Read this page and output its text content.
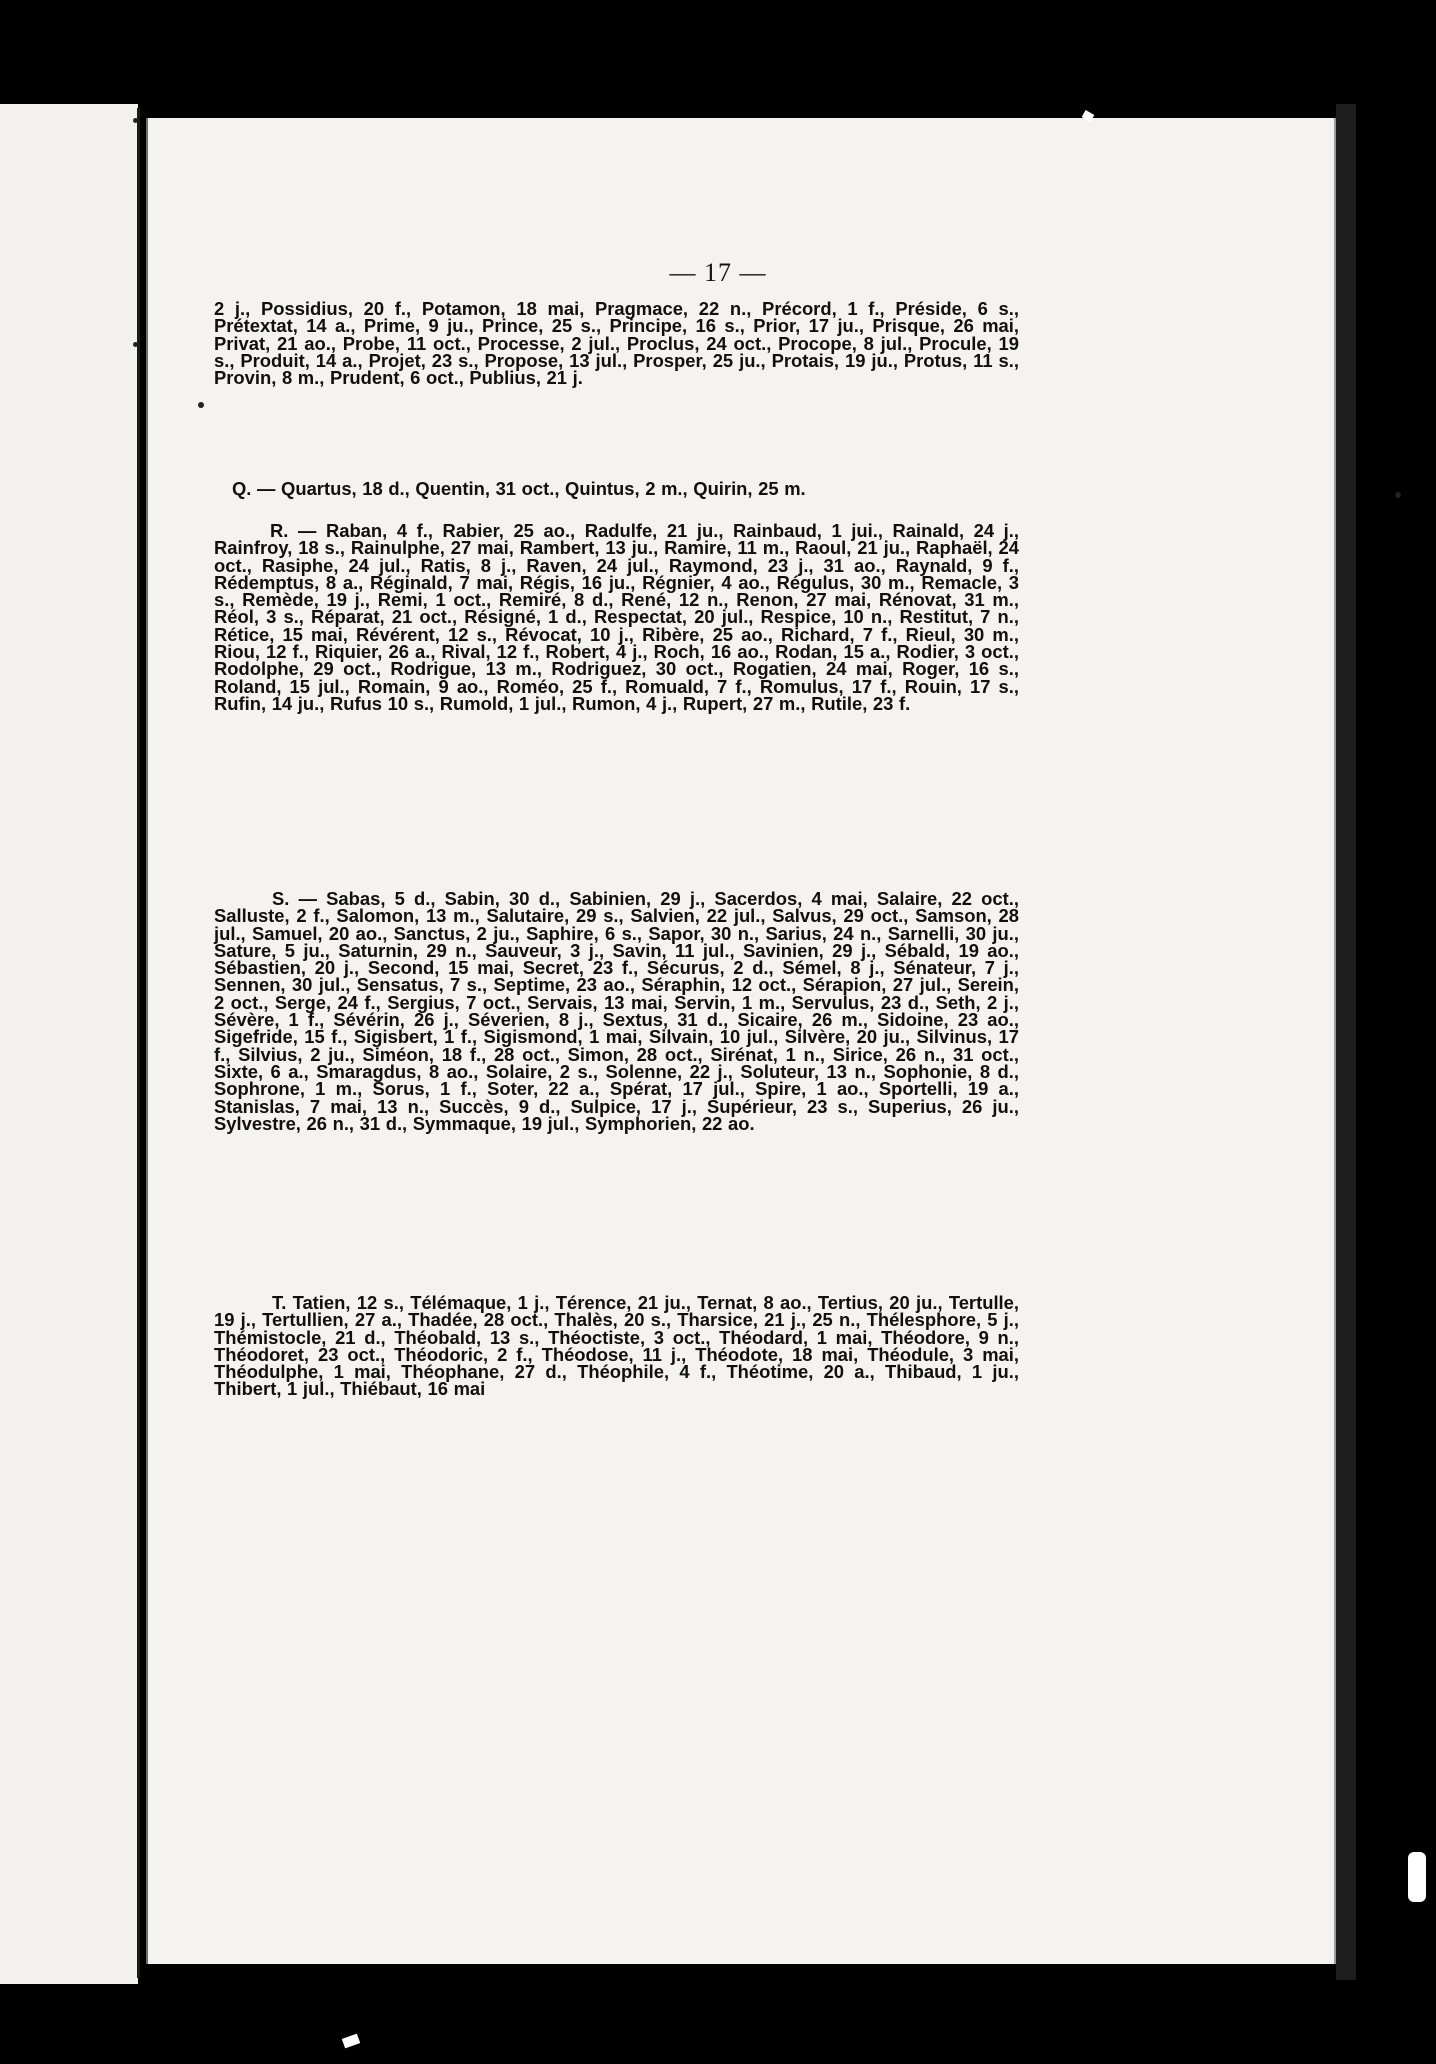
— 17 —
2 j., Possidius, 20 f., Potamon, 18 mai, Pragmace, 22 n., Précord, 1 f., Préside, 6 s., Prétextat, 14 a., Prime, 9 ju., Prince, 25 s., Principe, 16 s., Prior, 17 ju., Prisque, 26 mai, Privat, 21 ao., Probe, 11 oct., Processe, 2 jul., Proclus, 24 oct., Procope, 8 jul., Procule, 19 s., Produit, 14 a., Projet, 23 s., Propose, 13 jul., Prosper, 25 ju., Protais, 19 ju., Protus, 11 s., Provin, 8 m., Prudent, 6 oct., Publius, 21 j.
Q. — Quartus, 18 d., Quentin, 31 oct., Quintus, 2 m., Quirin, 25 m.
R. — Raban, 4 f., Rabier, 25 ao., Radulfe, 21 ju., Rainbaud, 1 jui., Rainald, 24 j., Rainfroy, 18 s., Rainulphe, 27 mai, Rambert, 13 ju., Ramire, 11 m., Raoul, 21 ju., Raphaël, 24 oct., Rasiphe, 24 jul., Ratis, 8 j., Raven, 24 jul., Raymond, 23 j., 31 ao., Raynald, 9 f., Rédemptus, 8 a., Réginald, 7 mai, Régis, 16 ju., Régnier, 4 ao., Régulus, 30 m., Remacle, 3 s., Remède, 19 j., Remi, 1 oct., Remiré, 8 d., René, 12 n., Renon, 27 mai, Rénovat, 31 m., Réol, 3 s., Réparat, 21 oct., Résigné, 1 d., Respectat, 20 jul., Respice, 10 n., Restitut, 7 n., Rétice, 15 mai, Révérent, 12 s., Révocat, 10 j., Ribère, 25 ao., Richard, 7 f., Rieul, 30 m., Riou, 12 f., Riquier, 26 a., Rival, 12 f., Robert, 4 j., Roch, 16 ao., Rodan, 15 a., Rodier, 3 oct., Rodolphe, 29 oct., Rodrigue, 13 m., Rodriguez, 30 oct., Rogatien, 24 mai, Roger, 16 s., Roland, 15 jul., Romain, 9 ao., Roméo, 25 f., Romuald, 7 f., Romulus, 17 f., Rouin, 17 s., Rufin, 14 ju., Rufus 10 s., Rumold, 1 jul., Rumon, 4 j., Rupert, 27 m., Rutile, 23 f.
S. — Sabas, 5 d., Sabin, 30 d., Sabinien, 29 j., Sacerdos, 4 mai, Salaire, 22 oct., Salluste, 2 f., Salomon, 13 m., Salutaire, 29 s., Salvien, 22 jul., Salvus, 29 oct., Samson, 28 jul., Samuel, 20 ao., Sanctus, 2 ju., Saphire, 6 s., Sapor, 30 n., Sarius, 24 n., Sarnelli, 30 ju., Sature, 5 ju., Saturnin, 29 n., Sauveur, 3 j., Savin, 11 jul., Savinien, 29 j., Sébald, 19 ao., Sébastien, 20 j., Second, 15 mai, Secret, 23 f., Sécurus, 2 d., Sémel, 8 j., Sénateur, 7 j., Sennen, 30 jul., Sensatus, 7 s., Septime, 23 ao., Séraphin, 12 oct., Sérapion, 27 jul., Serein, 2 oct., Serge, 24 f., Sergius, 7 oct., Servais, 13 mai, Servin, 1 m., Servulus, 23 d., Seth, 2 j., Sévère, 1 f., Sévérin, 26 j., Séverien, 8 j., Sextus, 31 d., Sicaire, 26 m., Sidoine, 23 ao., Sigefride, 15 f., Sigisbert, 1 f., Sigismond, 1 mai, Silvain, 10 jul., Silvère, 20 ju., Silvinus, 17 f., Silvius, 2 ju., Siméon, 18 f., 28 oct., Simon, 28 oct., Sirénat, 1 n., Sirice, 26 n., 31 oct., Sixte, 6 a., Smaragdus, 8 ao., Solaire, 2 s., Solenne, 22 j., Soluteur, 13 n., Sophonie, 8 d., Sophrone, 1 m., Sorus, 1 f., Soter, 22 a., Spérat, 17 jul., Spire, 1 ao., Sportelli, 19 a., Stanislas, 7 mai, 13 n., Succès, 9 d., Sulpice, 17 j., Supérieur, 23 s., Superius, 26 ju., Sylvestre, 26 n., 31 d., Symmaque, 19 jul., Symphorien, 22 ao.
T. Tatien, 12 s., Télémaque, 1 j., Térence, 21 ju., Ternat, 8 ao., Tertius, 20 ju., Tertulle, 19 j., Tertullien, 27 a., Thadée, 28 oct., Thalès, 20 s., Tharsice, 21 j., 25 n., Thélesphore, 5 j., Thémistocle, 21 d., Théobald, 13 s., Théoctiste, 3 oct., Théodard, 1 mai, Théodore, 9 n., Théodoret, 23 oct., Théodoric, 2 f., Théodose, 11 j., Théodote, 18 mai, Théodule, 3 mai, Théodulphe, 1 mai, Théophane, 27 d., Théophile, 4 f., Théotime, 20 a., Thibaud, 1 ju., Thibert, 1 jul., Thiébaut, 16 mai
